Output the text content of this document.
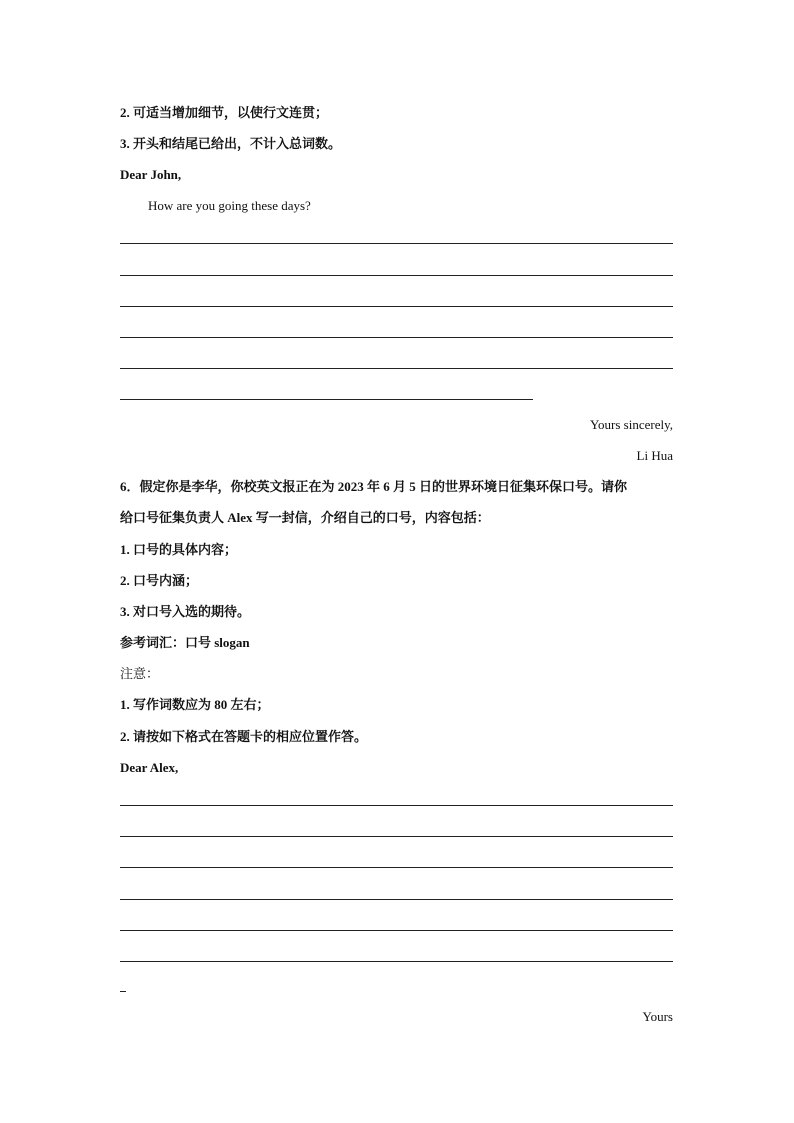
2. 可适当增加细节，以使行文连贯；
3. 开头和结尾已给出，不计入总词数。
Dear John,
How are you going these days?
Yours sincerely,
Li Hua
6．假定你是李华，你校英文报正在为 2023 年 6 月 5 日的世界环境日征集环保口号。请你
给口号征集负责人 Alex 写一封信，介绍自己的口号，内容包括：
1. 口号的具体内容；
2. 口号内涵；
3. 对口号入选的期待。
参考词汇：口号 slogan
注意：
1. 写作词数应为 80 左右；
2. 请按如下格式在答题卡的相应位置作答。
Dear Alex,
Yours
